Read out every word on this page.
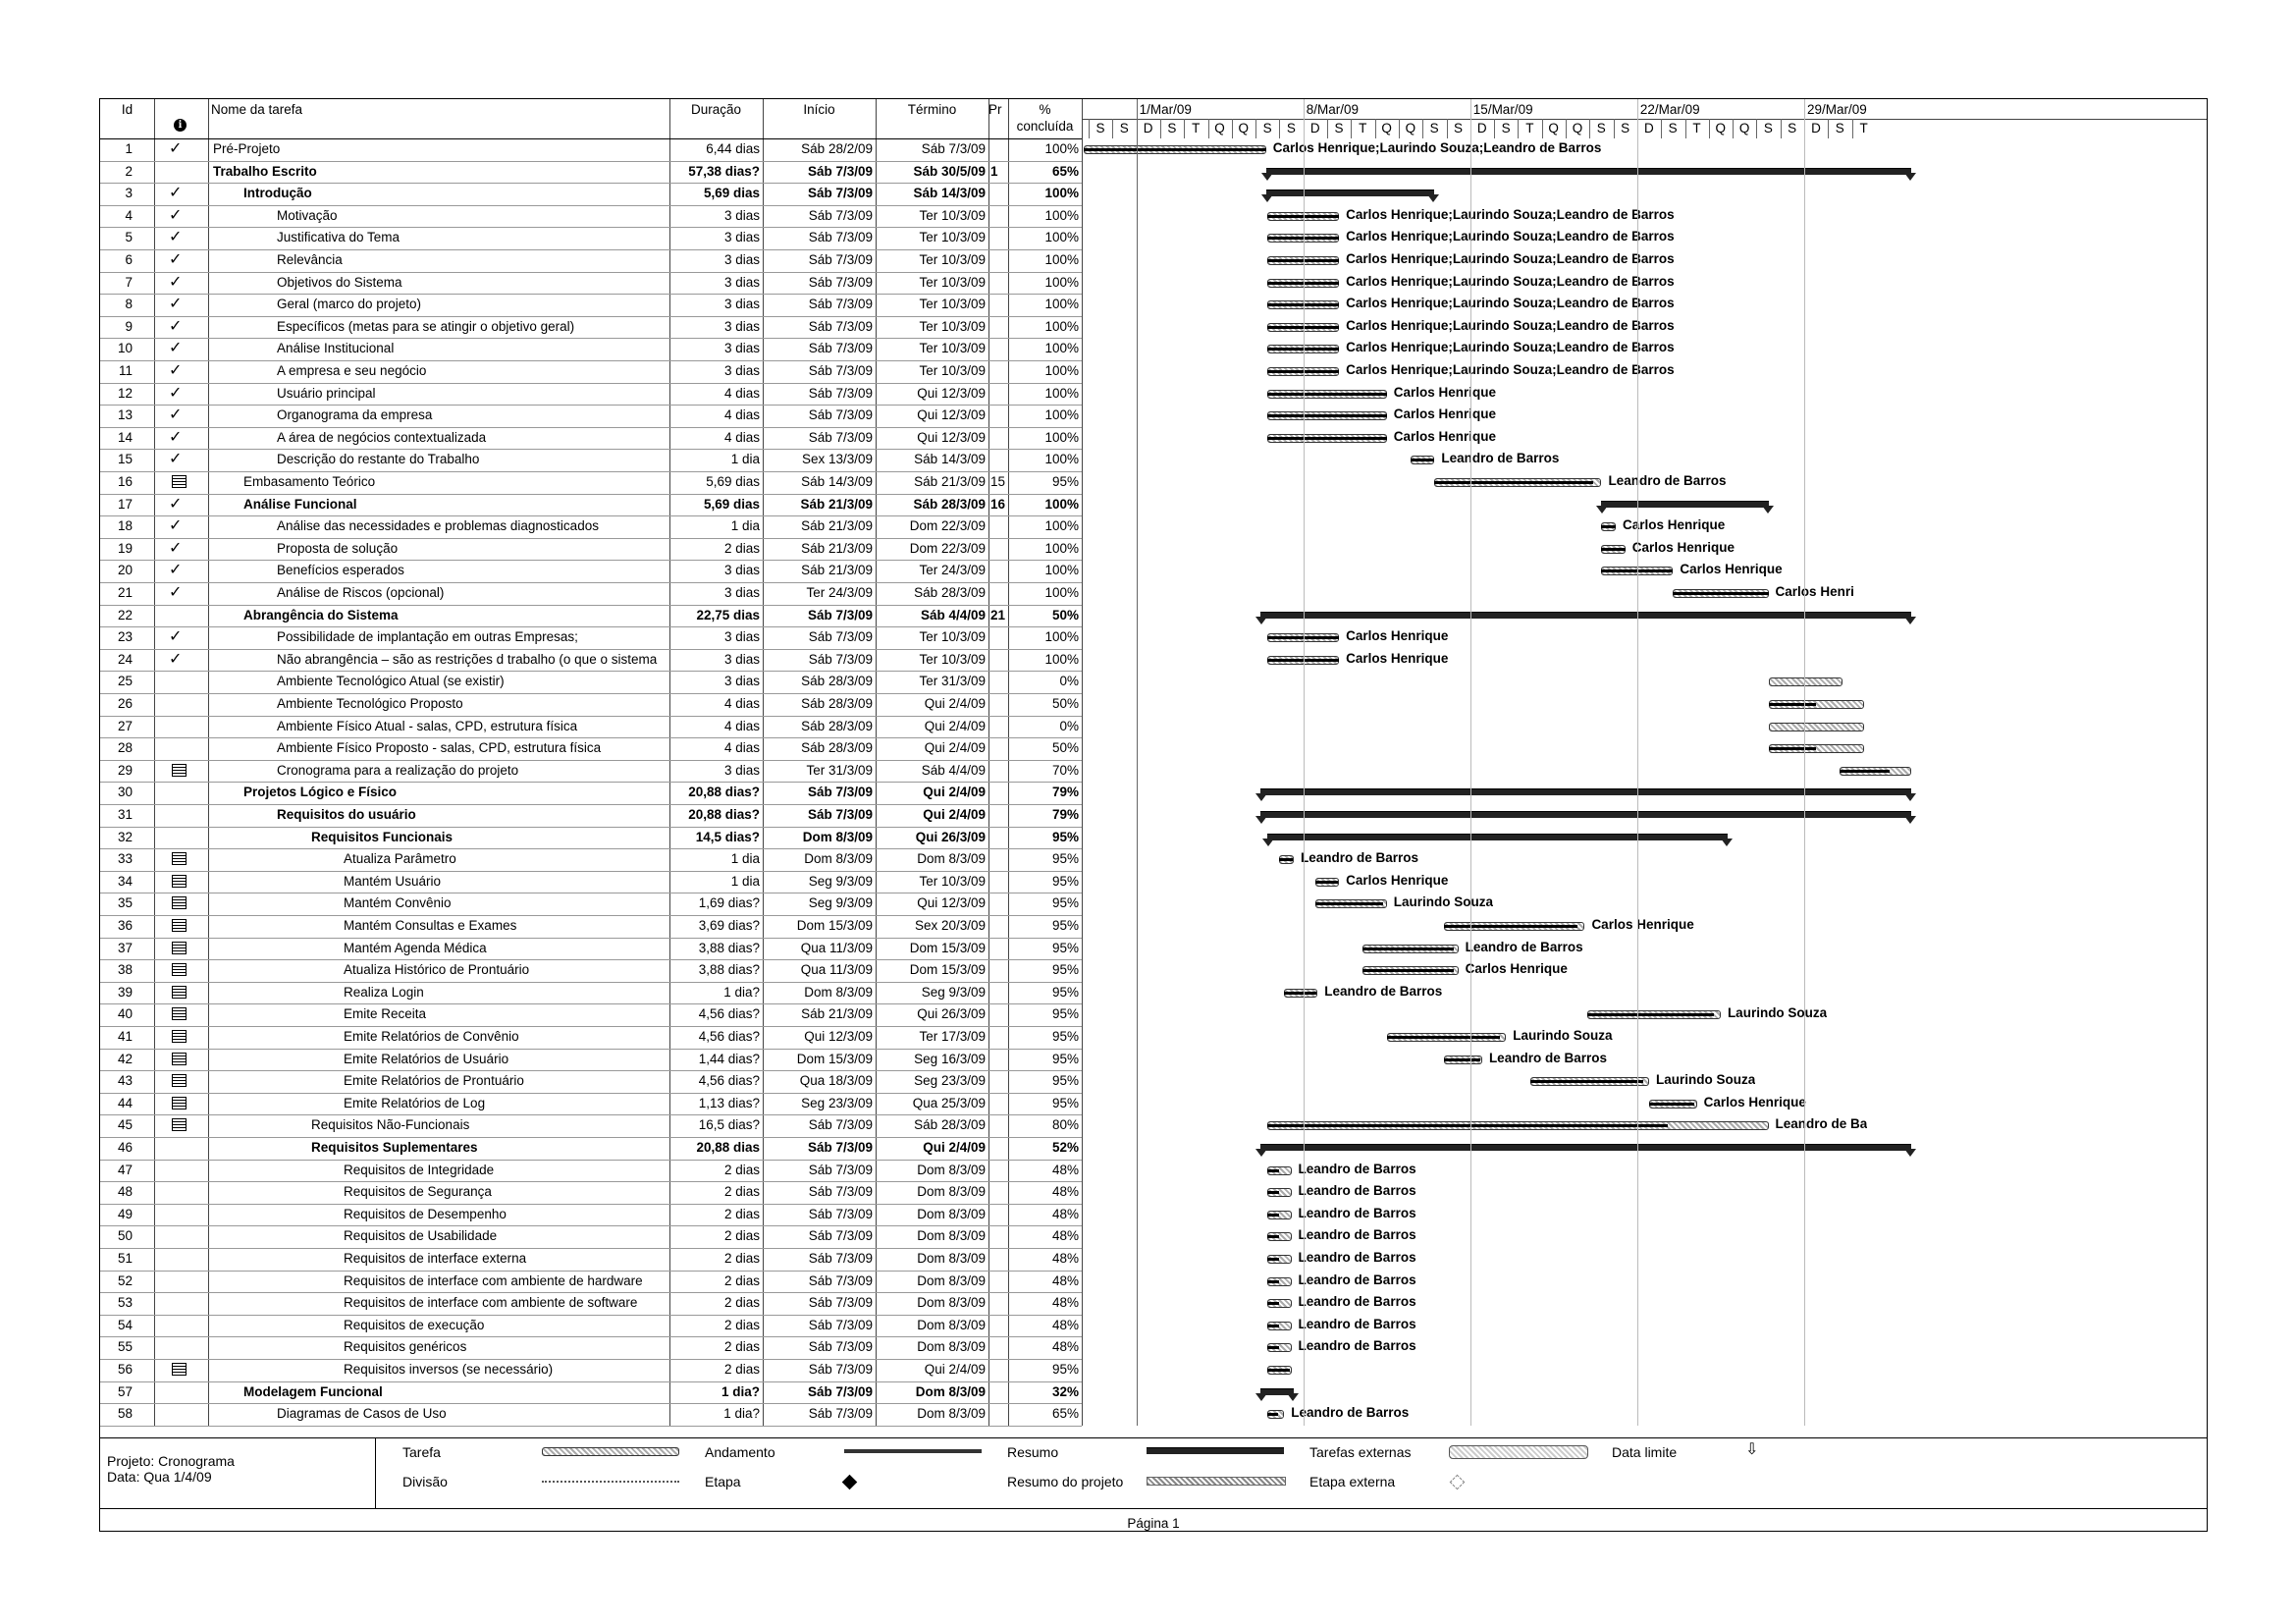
Id
i
Nome da tarefa	Duração	Início	Término	Pr	%
concluída
1 ✓ Pré-Projeto	6,44 dias	Sáb 28/2/09	Sáb 7/3/09	100%	Carlos Henrique;Laurindo Souza;Leandro de Barros
2	Trabalho Escrito	57,38 dias?	Sáb 7/3/09	Sáb 30/5/09 1	65%
3 ✓	Introdução	5,69 dias	Sáb 7/3/09	Sáb 14/3/09	100%
4 ✓	Motivação	3 dias	Sáb 7/3/09	Ter 10/3/09	100%	Carlos Henrique;Laurindo Souza;Leandro de Barros
5 ✓	Justificativa do Tema	3 dias	Sáb 7/3/09	Ter 10/3/09	100%	Carlos Henrique;Laurindo Souza;Leandro de Barros
6 ✓	Relevância	3 dias	Sáb 7/3/09	Ter 10/3/09	100%	Carlos Henrique;Laurindo Souza;Leandro de Barros
7 ✓	Objetivos do Sistema	3 dias	Sáb 7/3/09	Ter 10/3/09	100%	Carlos Henrique;Laurindo Souza;Leandro de Barros
8 ✓	Geral (marco do projeto)	3 dias	Sáb 7/3/09	Ter 10/3/09	100%	Carlos Henrique;Laurindo Souza;Leandro de Barros
9 ✓	Específicos (metas para se atingir o objetivo geral)	3 dias	Sáb 7/3/09	Ter 10/3/09	100%	Carlos Henrique;Laurindo Souza;Leandro de Barros
10 ✓	Análise Institucional	3 dias	Sáb 7/3/09	Ter 10/3/09	100%	Carlos Henrique;Laurindo Souza;Leandro de Barros
11 ✓	A empresa e seu negócio	3 dias	Sáb 7/3/09	Ter 10/3/09	100%	Carlos Henrique;Laurindo Souza;Leandro de Barros
12 ✓	Usuário principal	4 dias	Sáb 7/3/09	Qui 12/3/09	100%	Carlos Henrique
13 ✓	Organograma da empresa	4 dias	Sáb 7/3/09	Qui 12/3/09	100%	Carlos Henrique
14 ✓	A área de negócios contextualizada	4 dias	Sáb 7/3/09	Qui 12/3/09	100%	Carlos Henrique
15 ✓	Descrição do restante do Trabalho	1 dia	Sex 13/3/09	Sáb 14/3/09	100%	Leandro de Barros
16	Embasamento Teórico	5,69 dias	Sáb 14/3/09	Sáb 21/3/09 15	95%	Leandro de Barros
17 ✓	Análise Funcional	5,69 dias	Sáb 21/3/09	Sáb 28/3/09 16	100%
18 ✓	Análise das necessidades e problemas diagnosticados	1 dia	Sáb 21/3/09	Dom 22/3/09	100%	Carlos Henrique
19 ✓	Proposta de solução	2 dias	Sáb 21/3/09	Dom 22/3/09	100%	Carlos Henrique
20 ✓	Benefícios esperados	3 dias	Sáb 21/3/09	Ter 24/3/09	100%	Carlos Henrique
21 ✓	Análise de Riscos (opcional)	3 dias	Ter 24/3/09	Sáb 28/3/09	100%	Carlos Henri
22	Abrangência do Sistema	22,75 dias	Sáb 7/3/09	Sáb 4/4/09 21	50%
23 ✓	Possibilidade de implantação em outras Empresas;	3 dias	Sáb 7/3/09	Ter 10/3/09	100%	Carlos Henrique
24 ✓	Não abrangência – são as restrições d trabalho (o que o sistema	3 dias	Sáb 7/3/09	Ter 10/3/09	100%	Carlos Henrique
25	Ambiente Tecnológico Atual (se existir)	3 dias	Sáb 28/3/09	Ter 31/3/09	0%
26	Ambiente Tecnológico Proposto	4 dias	Sáb 28/3/09	Qui 2/4/09	50%
27	Ambiente Físico Atual - salas, CPD, estrutura física	4 dias	Sáb 28/3/09	Qui 2/4/09	0%
28	Ambiente Físico Proposto - salas, CPD, estrutura física	4 dias	Sáb 28/3/09	Qui 2/4/09	50%
29	Cronograma para a realização do projeto	3 dias	Ter 31/3/09	Sáb 4/4/09	70%
30	Projetos Lógico e Físico	20,88 dias?	Sáb 7/3/09	Qui 2/4/09	79%
31	Requisitos do usuário	20,88 dias?	Sáb 7/3/09	Qui 2/4/09	79%
32	Requisitos Funcionais	14,5 dias?	Dom 8/3/09	Qui 26/3/09	95%
33	Atualiza Parâmetro	1 dia	Dom 8/3/09	Dom 8/3/09	95%	Leandro de Barros
34	Mantém Usuário	1 dia	Seg 9/3/09	Ter 10/3/09	95%	Carlos Henrique
35	Mantém Convênio	1,69 dias?	Seg 9/3/09	Qui 12/3/09	95%	Laurindo Souza
36	Mantém Consultas e Exames	3,69 dias?	Dom 15/3/09	Sex 20/3/09	95%	Carlos Henrique
37	Mantém Agenda Médica	3,88 dias?	Qua 11/3/09	Dom 15/3/09	95%	Leandro de Barros
38	Atualiza Histórico de Prontuário	3,88 dias?	Qua 11/3/09	Dom 15/3/09	95%	Carlos Henrique
39	Realiza Login	1 dia?	Dom 8/3/09	Seg 9/3/09	95%	Leandro de Barros
40	Emite Receita	4,56 dias?	Sáb 21/3/09	Qui 26/3/09	95%	Laurindo Souza
41	Emite Relatórios de Convênio	4,56 dias?	Qui 12/3/09	Ter 17/3/09	95%	Laurindo Souza
42	Emite Relatórios de Usuário	1,44 dias?	Dom 15/3/09	Seg 16/3/09	95%	Leandro de Barros
43	Emite Relatórios de Prontuário	4,56 dias?	Qua 18/3/09	Seg 23/3/09	95%	Laurindo Souza
44	Emite Relatórios de Log	1,13 dias?	Seg 23/3/09	Qua 25/3/09	95%	Carlos Henrique
45	Requisitos Não-Funcionais	16,5 dias?	Sáb 7/3/09	Sáb 28/3/09	80%	Leandro de Ba
46	Requisitos Suplementares	20,88 dias	Sáb 7/3/09	Qui 2/4/09	52%
47	Requisitos de Integridade	2 dias	Sáb 7/3/09	Dom 8/3/09	48%	Leandro de Barros
48	Requisitos de Segurança	2 dias	Sáb 7/3/09	Dom 8/3/09	48%	Leandro de Barros
49	Requisitos de Desempenho	2 dias	Sáb 7/3/09	Dom 8/3/09	48%	Leandro de Barros
50	Requisitos de Usabilidade	2 dias	Sáb 7/3/09	Dom 8/3/09	48%	Leandro de Barros
51	Requisitos de interface externa	2 dias	Sáb 7/3/09	Dom 8/3/09	48%	Leandro de Barros
52	Requisitos de interface com ambiente de hardware	2 dias	Sáb 7/3/09	Dom 8/3/09	48%	Leandro de Barros
53	Requisitos de interface com ambiente de software	2 dias	Sáb 7/3/09	Dom 8/3/09	48%	Leandro de Barros
54	Requisitos de execução	2 dias	Sáb 7/3/09	Dom 8/3/09	48%	Leandro de Barros
55	Requisitos genéricos	2 dias	Sáb 7/3/09	Dom 8/3/09	48%	Leandro de Barros
56	Requisitos inversos (se necessário)	2 dias	Sáb 7/3/09	Qui 2/4/09	95%
57	Modelagem Funcional	1 dia?	Sáb 7/3/09	Dom 8/3/09	32%
58	Diagramas de Casos de Uso	1 dia?	Sáb 7/3/09	Dom 8/3/09	65%	Leandro de Barros
S	S	D	S	T	Q	Q	S	S	D	S	T	Q	Q	S	S	D	S	T	Q	Q	S	S	D	S	T	Q	Q	S	S	D	S	T
1/Mar/09	8/Mar/09	15/Mar/09	22/Mar/09	29/Mar/09
Projeto: Cronograma
Data: Qua 1/4/09
Tarefa
Divisão
Andamento
Etapa
Resumo
Resumo do projeto
Tarefas externas
Etapa externa
Data limite	⇩
Página 1
